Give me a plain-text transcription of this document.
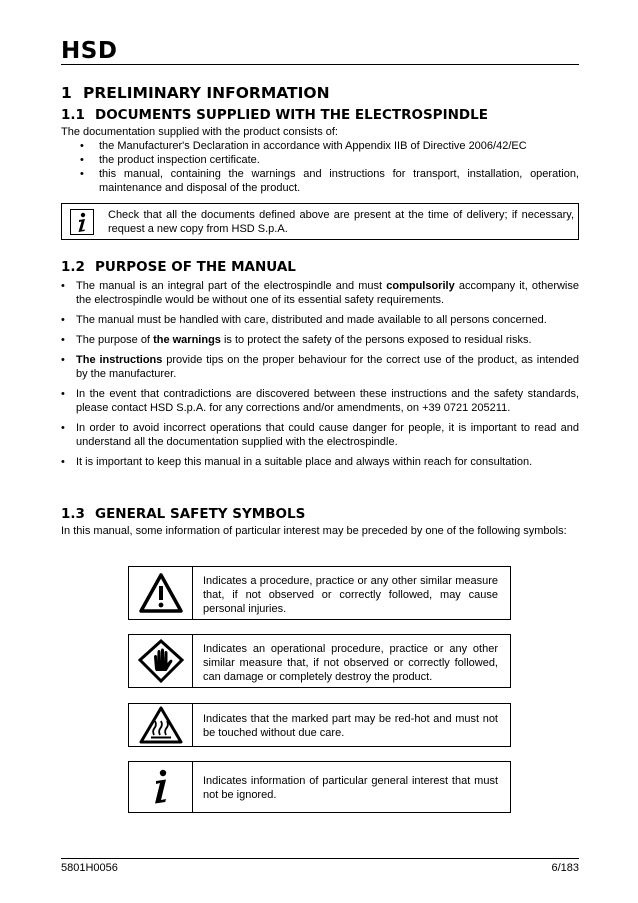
HSD
1 PRELIMINARY INFORMATION
1.1 DOCUMENTS SUPPLIED WITH THE ELECTROSPINDLE
The documentation supplied with the product consists of:
• the Manufacturer's Declaration in accordance with Appendix IIB of Directive 2006/42/EC
• the product inspection certificate.
• this manual, containing the warnings and instructions for transport, installation, operation, maintenance and disposal of the product.
Check that all the documents defined above are present at the time of delivery; if necessary, request a new copy from HSD S.p.A.
1.2 PURPOSE OF THE MANUAL
• The manual is an integral part of the electrospindle and must compulsorily accompany it, otherwise the electrospindle would be without one of its essential safety requirements.
• The manual must be handled with care, distributed and made available to all persons concerned.
• The purpose of the warnings is to protect the safety of the persons exposed to residual risks.
• The instructions provide tips on the proper behaviour for the correct use of the product, as intended by the manufacturer.
• In the event that contradictions are discovered between these instructions and the safety standards, please contact HSD S.p.A. for any corrections and/or amendments, on +39 0721 205211.
• In order to avoid incorrect operations that could cause danger for people, it is important to read and understand all the documentation supplied with the electrospindle.
• It is important to keep this manual in a suitable place and always within reach for consultation.
1.3 GENERAL SAFETY SYMBOLS
In this manual, some information of particular interest may be preceded by one of the following symbols:
Indicates a procedure, practice or any other similar measure that, if not observed or correctly followed, may cause personal injuries.
Indicates an operational procedure, practice or any other similar measure that, if not observed or correctly followed, can damage or completely destroy the product.
Indicates that the marked part may be red-hot and must not be touched without due care.
Indicates information of particular general interest that must not be ignored.
5801H0056	6/183
